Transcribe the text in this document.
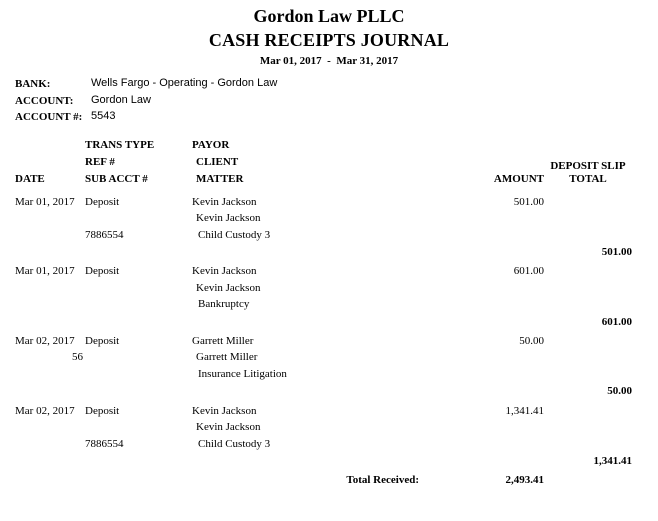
Gordon Law PLLC
CASH RECEIPTS JOURNAL
Mar 01, 2017 - Mar 31, 2017
BANK:	Wells Fargo - Operating - Gordon Law
ACCOUNT: Gordon Law
ACCOUNT #: 5543
TRANS TYPE	PAYOR
REF #	CLIENT	DEPOSIT SLIP
DATE	SUB ACCT #	MATTER	AMOUNT	TOTAL
Mar 01, 2017 Deposit	Kevin Jackson	501.00
Kevin Jackson
7886554	Child Custody 3
501.00
Mar 01, 2017 Deposit	Kevin Jackson	601.00
Kevin Jackson
Bankruptcy
601.00
Mar 02, 2017 Deposit	Garrett Miller	50.00
56	Garrett Miller
Insurance Litigation
50.00
Mar 02, 2017 Deposit	Kevin Jackson	1,341.41
Kevin Jackson
7886554	Child Custody 3
1,341.41
Total Received:	2,493.41
